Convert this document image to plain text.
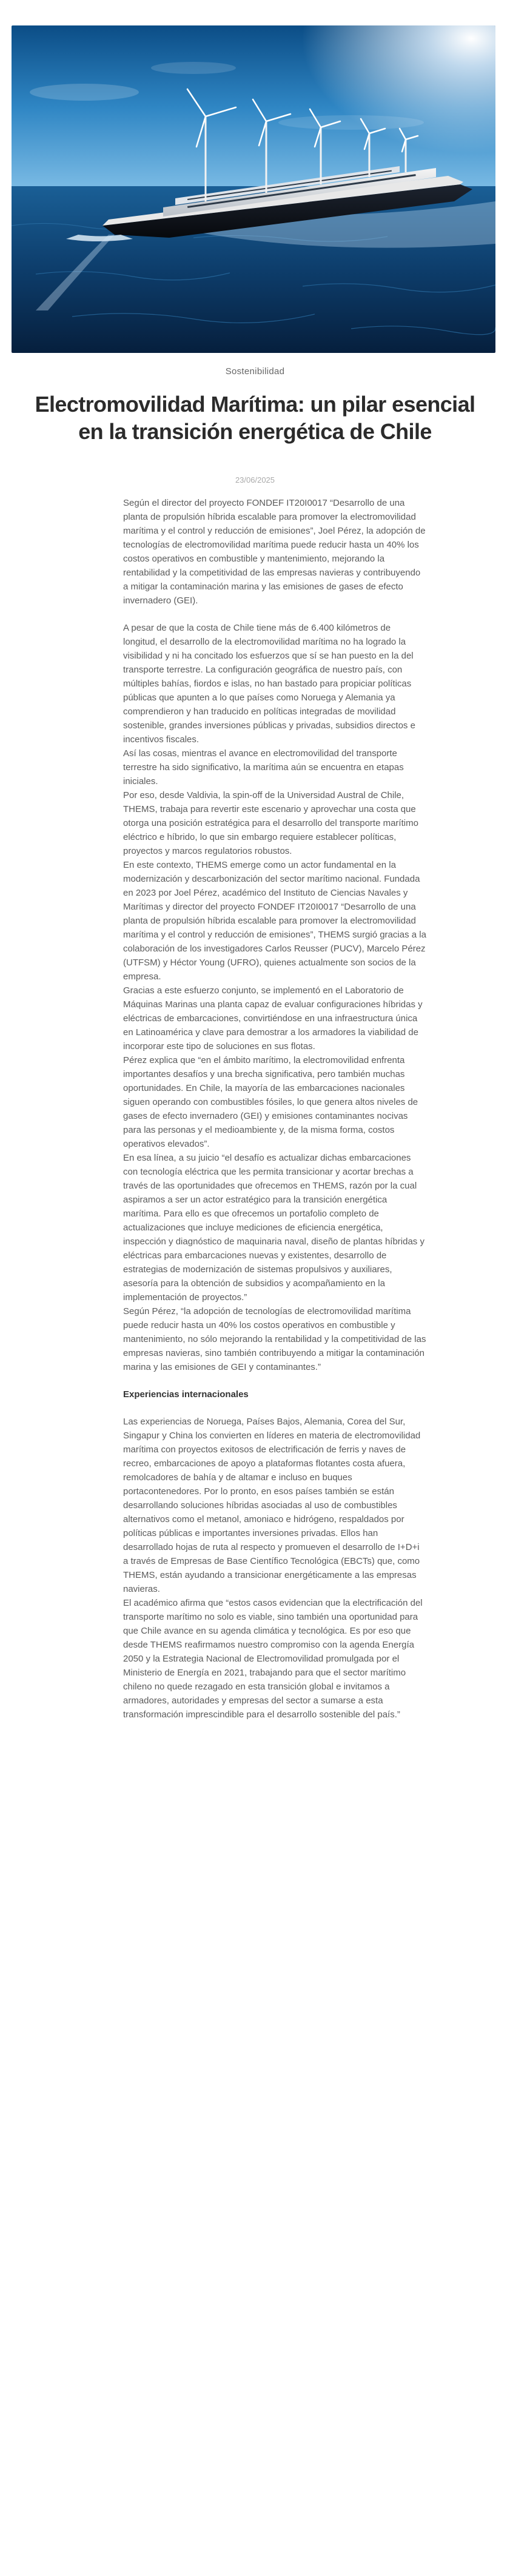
Sostenibilidad
Electromovilidad Marítima: un pilar esencial en la transición energética de Chile
23/06/2025

Según el director del proyecto FONDEF IT20I0017 “Desarrollo de una planta de propulsión híbrida escalable para promover la electromovilidad marítima y el control y reducción de emisiones”, Joel Pérez, la adopción de tecnologías de electromovilidad marítima puede reducir hasta un 40% los costos operativos en combustible y mantenimiento, mejorando la rentabilidad y la competitividad de las empresas navieras y contribuyendo a mitigar la contaminación marina y las emisiones de gases de efecto invernadero (GEI).

A pesar de que la costa de Chile tiene más de 6.400 kilómetros de longitud, el desarrollo de la electromovilidad marítima no ha logrado la visibilidad y ni ha concitado los esfuerzos que sí se han puesto en la del transporte terrestre. La configuración geográfica de nuestro país, con múltiples bahías, fiordos e islas, no han bastado para propiciar políticas públicas que apunten a lo que países como Noruega y Alemania ya comprendieron y han traducido en políticas integradas de movilidad sostenible, grandes inversiones públicas y privadas, subsidios directos e incentivos fiscales.

Así las cosas, mientras el avance en electromovilidad del transporte terrestre ha sido significativo, la marítima aún se encuentra en etapas iniciales.

Por eso, desde Valdivia, la spin-off de la Universidad Austral de Chile, THEMS, trabaja para revertir este escenario y aprovechar una costa que otorga una posición estratégica para el desarrollo del transporte marítimo eléctrico e híbrido, lo que sin embargo requiere establecer políticas, proyectos y marcos regulatorios robustos.

En este contexto, THEMS emerge como un actor fundamental en la modernización y descarbonización del sector marítimo nacional. Fundada en 2023 por Joel Pérez, académico del Instituto de Ciencias Navales y Marítimas y director del proyecto FONDEF IT20I0017 “Desarrollo de una planta de propulsión híbrida escalable para promover la electromovilidad marítima y el control y reducción de emisiones”, THEMS surgió gracias a la colaboración de los investigadores Carlos Reusser (PUCV), Marcelo Pérez (UTFSM) y Héctor Young (UFRO), quienes actualmente son socios de la empresa.

Gracias a este esfuerzo conjunto, se implementó en el Laboratorio de Máquinas Marinas una planta capaz de evaluar configuraciones híbridas y eléctricas de embarcaciones, convirtiéndose en una infraestructura única en Latinoamérica y clave para demostrar a los armadores la viabilidad de incorporar este tipo de soluciones en sus flotas.

Pérez explica que “en el ámbito marítimo, la electromovilidad enfrenta importantes desafíos y una brecha significativa, pero también muchas oportunidades. En Chile, la mayoría de las embarcaciones nacionales siguen operando con combustibles fósiles, lo que genera altos niveles de gases de efecto invernadero (GEI) y emisiones contaminantes nocivas para las personas y el medioambiente y, de la misma forma, costos operativos elevados”.

En esa línea, a su juicio “el desafío es actualizar dichas embarcaciones con tecnología eléctrica que les permita transicionar y acortar brechas a través de las oportunidades que ofrecemos en THEMS, razón por la cual aspiramos a ser un actor estratégico para la transición energética marítima. Para ello es que ofrecemos un portafolio completo de actualizaciones que incluye mediciones de eficiencia energética, inspección y diagnóstico de maquinaria naval, diseño de plantas híbridas y eléctricas para embarcaciones nuevas y existentes, desarrollo de estrategias de modernización de sistemas propulsivos y auxiliares, asesoría para la obtención de subsidios y acompañamiento en la implementación de proyectos.”

Según Pérez, “la adopción de tecnologías de electromovilidad marítima puede reducir hasta un 40% los costos operativos en combustible y mantenimiento, no sólo mejorando la rentabilidad y la competitividad de las empresas navieras, sino también contribuyendo a mitigar la contaminación marina y las emisiones de GEI y contaminantes.”

Experiencias internacionales

Las experiencias de Noruega, Países Bajos, Alemania, Corea del Sur, Singapur y China los convierten en líderes en materia de electromovilidad marítima con proyectos exitosos de electrificación de ferris y naves de recreo, embarcaciones de apoyo a plataformas flotantes costa afuera, remolcadores de bahía y de altamar e incluso en buques portacontenedores. Por lo pronto, en esos países también se están desarrollando soluciones híbridas asociadas al uso de combustibles alternativos como el metanol, amoniaco e hidrógeno, respaldados por políticas públicas e importantes inversiones privadas. Ellos han desarrollado hojas de ruta al respecto y promueven el desarrollo de I+D+i a través de Empresas de Base Científico Tecnológica (EBCTs) que, como THEMS, están ayudando a transicionar energéticamente a las empresas navieras.

El académico afirma que “estos casos evidencian que la electrificación del transporte marítimo no solo es viable, sino también una oportunidad para que Chile avance en su agenda climática y tecnológica. Es por eso que desde THEMS reafirmamos nuestro compromiso con la agenda Energía 2050 y la Estrategia Nacional de Electromovilidad promulgada por el Ministerio de Energía en 2021, trabajando para que el sector marítimo chileno no quede rezagado en esta transición global e invitamos a armadores, autoridades y empresas del sector a sumarse a esta transformación imprescindible para el desarrollo sostenible del país.”
